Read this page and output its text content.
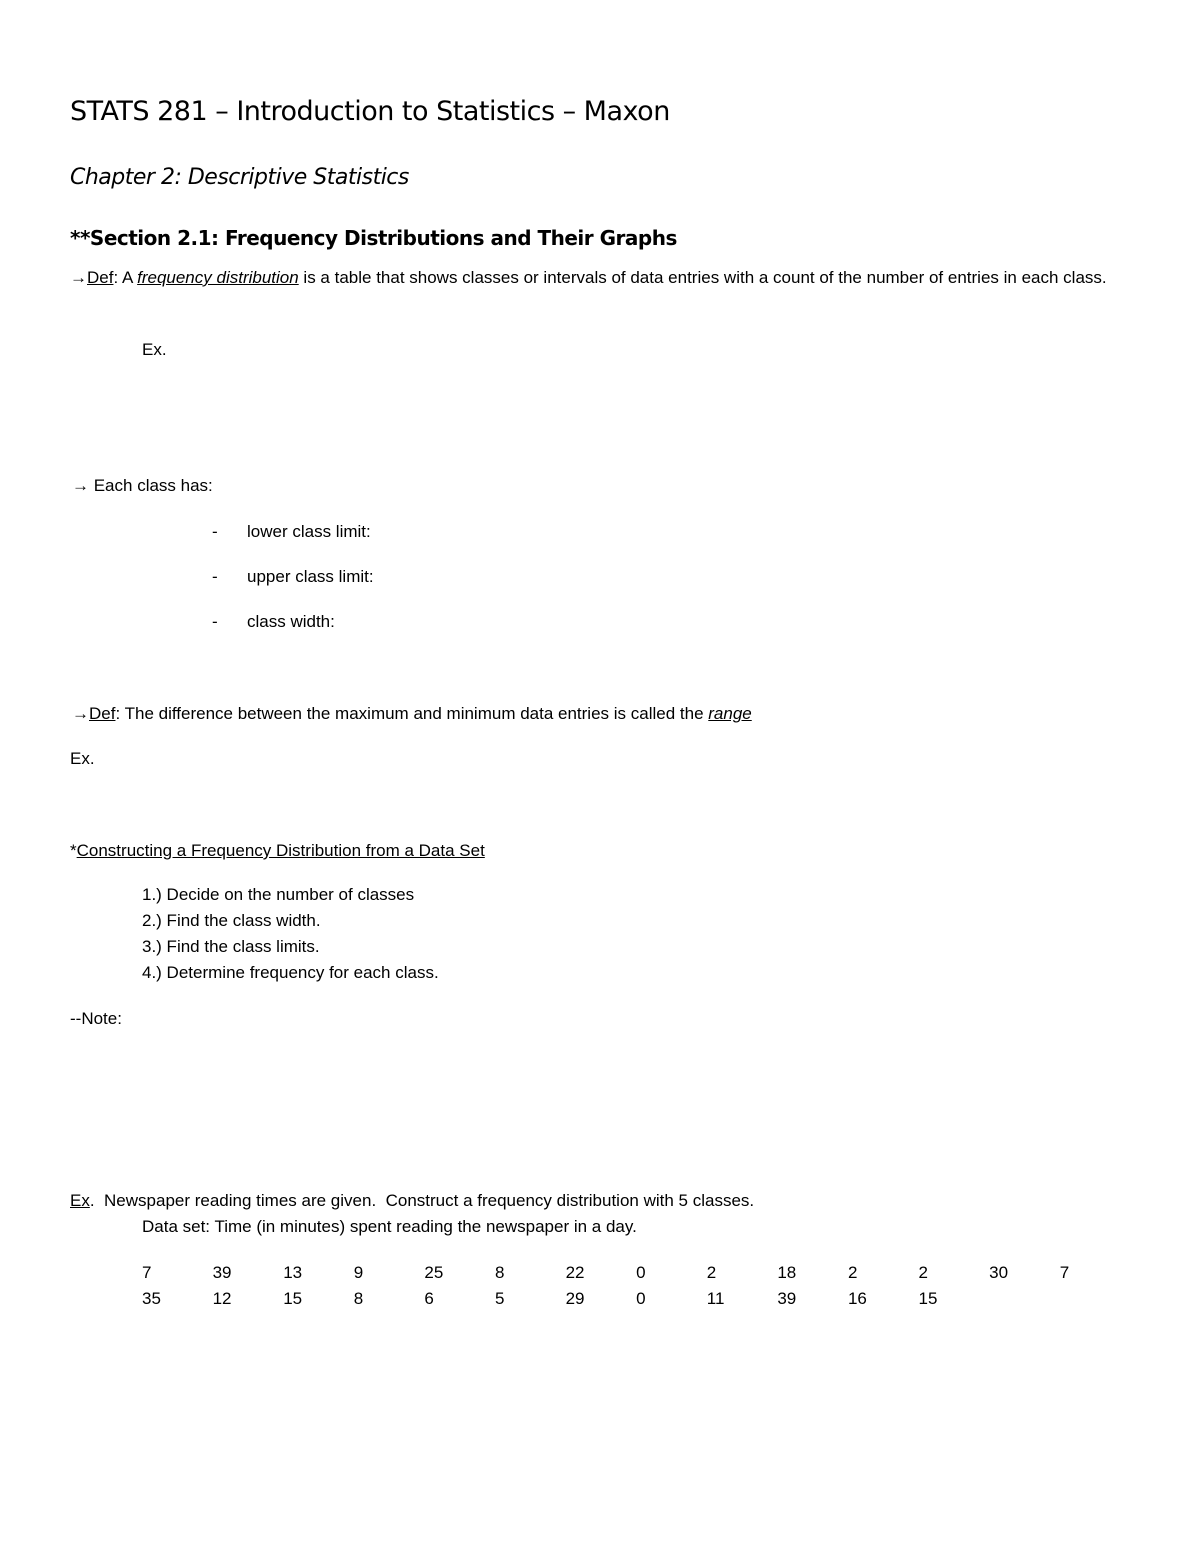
STATS 281 – Introduction to Statistics – Maxon
Chapter 2: Descriptive Statistics
**Section 2.1: Frequency Distributions and Their Graphs
→Def: A frequency distribution is a table that shows classes or intervals of data entries with a count of the number of entries in each class.
Ex.
→ Each class has:
- lower class limit:
- upper class limit:
- class width:
→Def: The difference between the maximum and minimum data entries is called the range
Ex.
*Constructing a Frequency Distribution from a Data Set
1.) Decide on the number of classes
2.) Find the class width.
3.) Find the class limits.
4.) Determine frequency for each class.
--Note:
Ex.  Newspaper reading times are given.  Construct a frequency distribution with 5 classes.
Data set: Time (in minutes) spent reading the newspaper in a day.
7	39	13	9	25	8	22	0	2	18	2	2	30	7
35	12	15	8	6	5	29	0	11	39	16	15
